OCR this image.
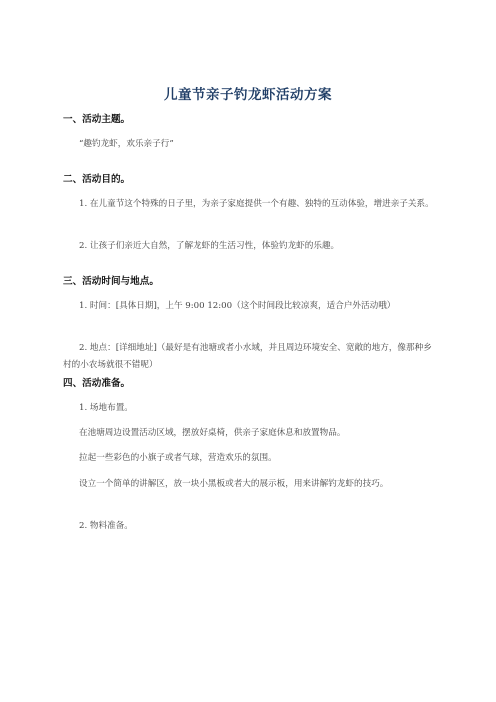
儿童节亲子钓龙虾活动方案
一、活动主题。
“趣钓龙虾，欢乐亲子行”
二、活动目的。
1. 在儿童节这个特殊的日子里，为亲子家庭提供一个有趣、独特的互动体验，增进亲子关系。
2. 让孩子们亲近大自然，了解龙虾的生活习性，体验钓龙虾的乐趣。
三、活动时间与地点。
1. 时间：[具体日期]，上午 9:00 12:00（这个时间段比较凉爽，适合户外活动哦）
2. 地点：[详细地址]（最好是有池塘或者小水域，并且周边环境安全、宽敞的地方，像那种乡村的小农场就很不错呢）
四、活动准备。
1. 场地布置。
在池塘周边设置活动区域，摆放好桌椅，供亲子家庭休息和放置物品。
拉起一些彩色的小旗子或者气球，营造欢乐的氛围。
设立一个简单的讲解区，放一块小黑板或者大的展示板，用来讲解钓龙虾的技巧。
2. 物料准备。
